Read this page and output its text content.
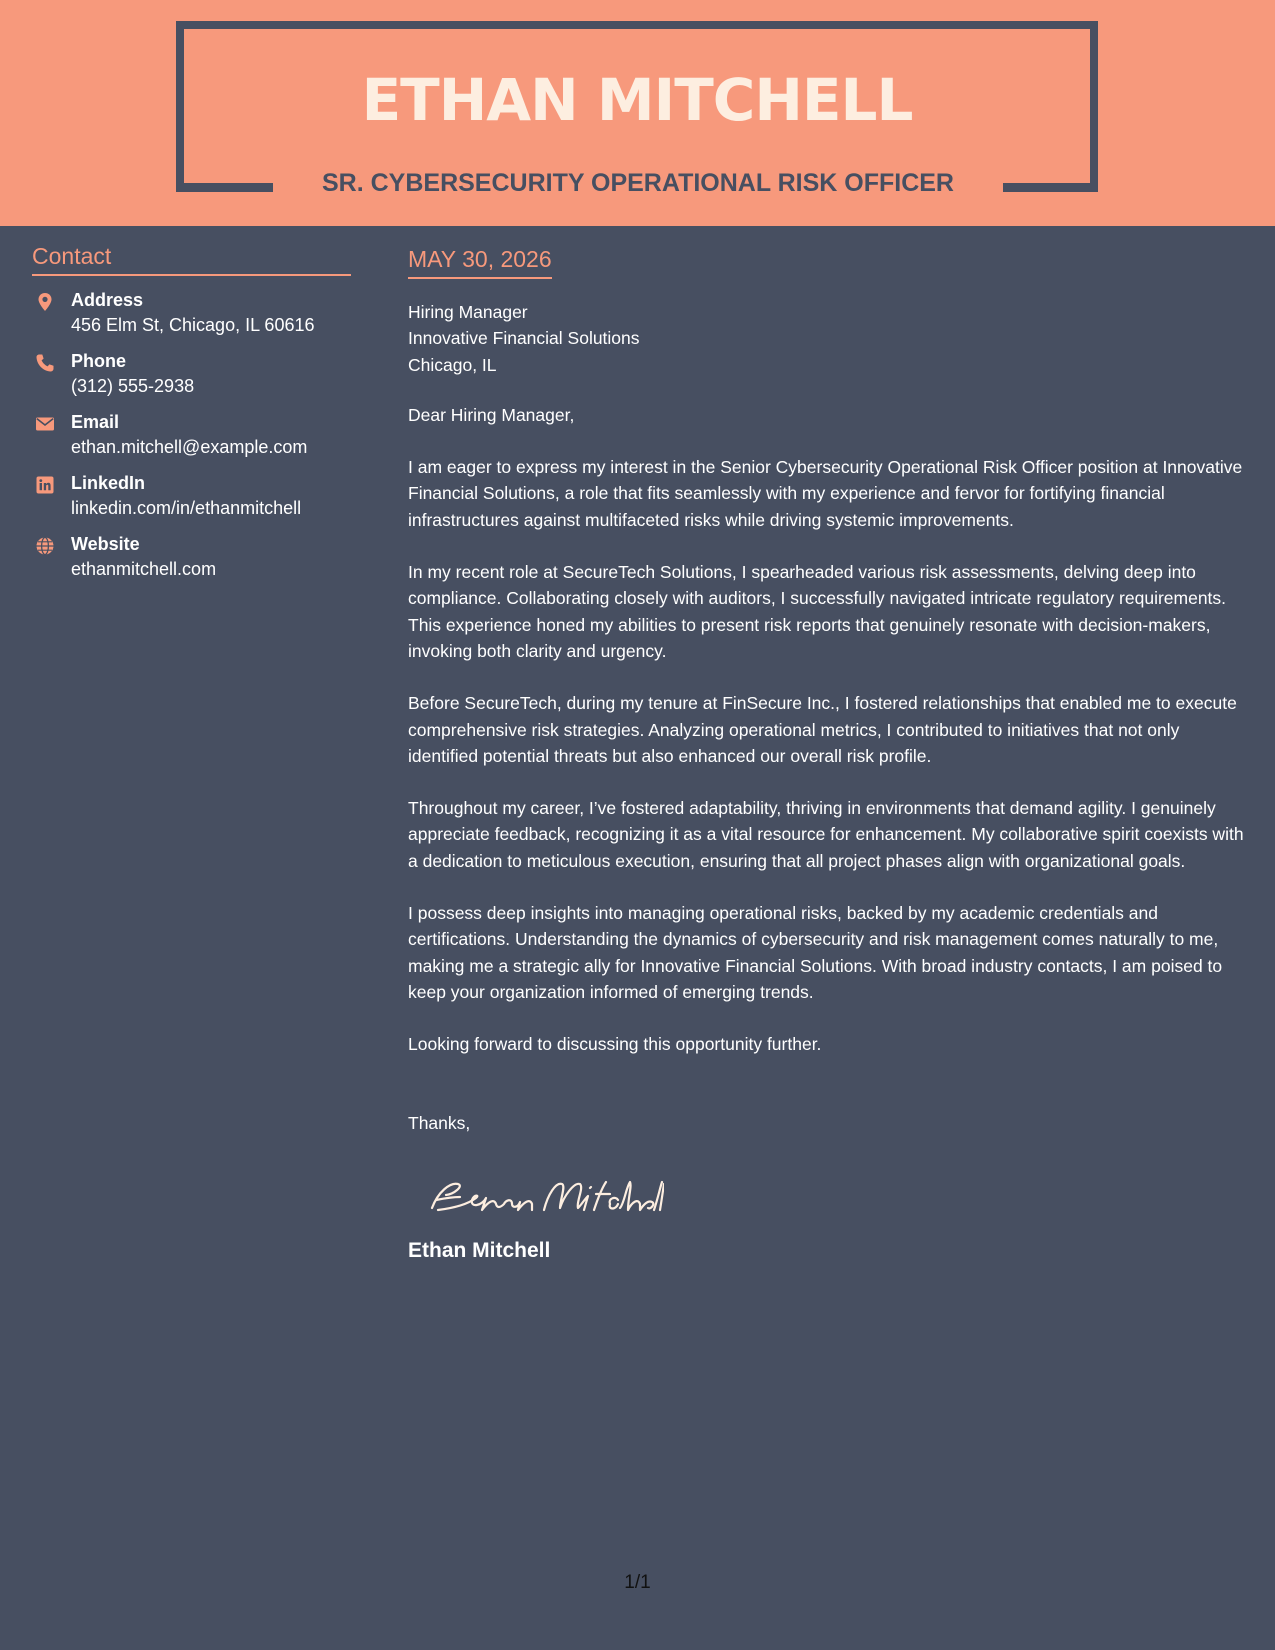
ETHAN MITCHELL
SR. CYBERSECURITY OPERATIONAL RISK OFFICER
Contact
Address
456 Elm St, Chicago, IL 60616
Phone
(312) 555-2938
Email
ethan.mitchell@example.com
LinkedIn
linkedin.com/in/ethanmitchell
Website
ethanmitchell.com
MAY 30, 2026
Hiring Manager
Innovative Financial Solutions
Chicago, IL

Dear Hiring Manager,

I am eager to express my interest in the Senior Cybersecurity Operational Risk Officer position at Innovative Financial Solutions, a role that fits seamlessly with my experience and fervor for fortifying financial infrastructures against multifaceted risks while driving systemic improvements.

In my recent role at SecureTech Solutions, I spearheaded various risk assessments, delving deep into compliance. Collaborating closely with auditors, I successfully navigated intricate regulatory requirements. This experience honed my abilities to present risk reports that genuinely resonate with decision-makers, invoking both clarity and urgency.

Before SecureTech, during my tenure at FinSecure Inc., I fostered relationships that enabled me to execute comprehensive risk strategies. Analyzing operational metrics, I contributed to initiatives that not only identified potential threats but also enhanced our overall risk profile.

Throughout my career, I’ve fostered adaptability, thriving in environments that demand agility. I genuinely appreciate feedback, recognizing it as a vital resource for enhancement. My collaborative spirit coexists with a dedication to meticulous execution, ensuring that all project phases align with organizational goals.

I possess deep insights into managing operational risks, backed by my academic credentials and certifications. Understanding the dynamics of cybersecurity and risk management comes naturally to me, making me a strategic ally for Innovative Financial Solutions. With broad industry contacts, I am poised to keep your organization informed of emerging trends.

Looking forward to discussing this opportunity further.

Thanks,

Ethan Mitchell
1/1
